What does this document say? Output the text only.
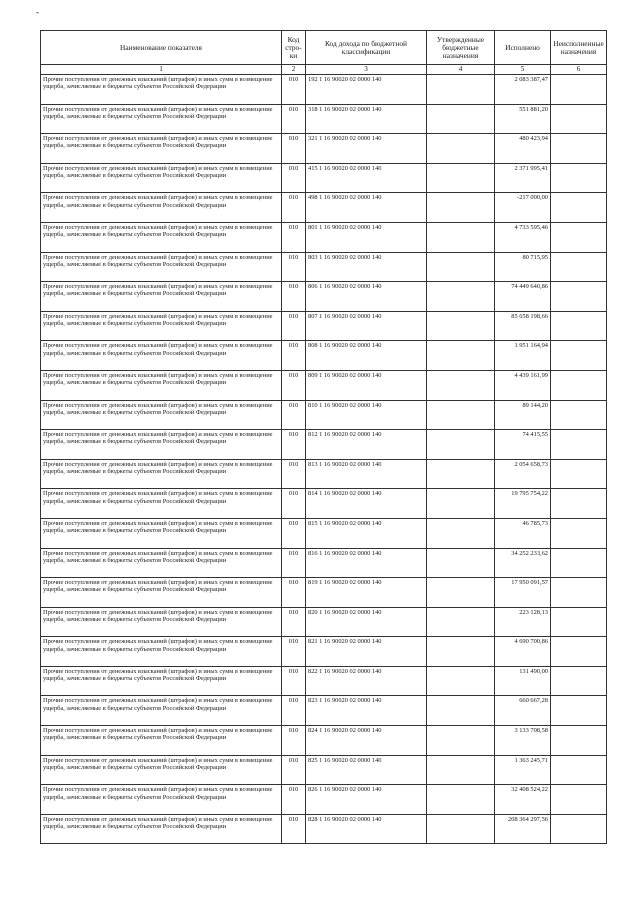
-
Наименование показателя	Код стро-ки	Код дохода по бюджетной классификации	Утвержденные бюджетные назначения	Исполнено	Неисполненные назначения
1	2	3	4	5	6
Прочие поступления от денежных взысканий (штрафов) и иных сумм в возмещение ущерба, зачисляемые в бюджеты субъектов Российской Федерации	010	192 1 16 90020 02 0000 140		2 083 387,47	
Прочие поступления от денежных взысканий (штрафов) и иных сумм в возмещение ущерба, зачисляемые в бюджеты субъектов Российской Федерации	010	318 1 16 90020 02 0000 140		551 881,20	
Прочие поступления от денежных взысканий (штрафов) и иных сумм в возмещение ущерба, зачисляемые в бюджеты субъектов Российской Федерации	010	321 1 16 90020 02 0000 140		480 423,94	
Прочие поступления от денежных взысканий (штрафов) и иных сумм в возмещение ущерба, зачисляемые в бюджеты субъектов Российской Федерации	010	415 1 16 90020 02 0000 140		2 371 995,41	
Прочие поступления от денежных взысканий (штрафов) и иных сумм в возмещение ущерба, зачисляемые в бюджеты субъектов Российской Федерации	010	498 1 16 90020 02 0000 140		-217 000,00	
Прочие поступления от денежных взысканий (штрафов) и иных сумм в возмещение ущерба, зачисляемые в бюджеты субъектов Российской Федерации	010	801 1 16 90020 02 0000 140		4 733 595,46	
Прочие поступления от денежных взысканий (штрафов) и иных сумм в возмещение ущерба, зачисляемые в бюджеты субъектов Российской Федерации	010	803 1 16 90020 02 0000 140		80 715,95	
Прочие поступления от денежных взысканий (штрафов) и иных сумм в возмещение ущерба, зачисляемые в бюджеты субъектов Российской Федерации	010	806 1 16 90020 02 0000 140		74 449 640,86	
Прочие поступления от денежных взысканий (штрафов) и иных сумм в возмещение ущерба, зачисляемые в бюджеты субъектов Российской Федерации	010	807 1 16 90020 02 0000 140		85 658 198,66	
Прочие поступления от денежных взысканий (штрафов) и иных сумм в возмещение ущерба, зачисляемые в бюджеты субъектов Российской Федерации	010	808 1 16 90020 02 0000 140		1 951 164,94	
Прочие поступления от денежных взысканий (штрафов) и иных сумм в возмещение ущерба, зачисляемые в бюджеты субъектов Российской Федерации	010	809 1 16 90020 02 0000 140		4 439 161,99	
Прочие поступления от денежных взысканий (штрафов) и иных сумм в возмещение ущерба, зачисляемые в бюджеты субъектов Российской Федерации	010	810 1 16 90020 02 0000 140		89 144,20	
Прочие поступления от денежных взысканий (штрафов) и иных сумм в возмещение ущерба, зачисляемые в бюджеты субъектов Российской Федерации	010	812 1 16 90020 02 0000 140		74 415,55	
Прочие поступления от денежных взысканий (штрафов) и иных сумм в возмещение ущерба, зачисляемые в бюджеты субъектов Российской Федерации	010	813 1 16 90020 02 0000 140		2 054 658,73	
Прочие поступления от денежных взысканий (штрафов) и иных сумм в возмещение ущерба, зачисляемые в бюджеты субъектов Российской Федерации	010	814 1 16 90020 02 0000 140		19 795 754,22	
Прочие поступления от денежных взысканий (штрафов) и иных сумм в возмещение ущерба, зачисляемые в бюджеты субъектов Российской Федерации	010	815 1 16 90020 02 0000 140		46 785,73	
Прочие поступления от денежных взысканий (штрафов) и иных сумм в возмещение ущерба, зачисляемые в бюджеты субъектов Российской Федерации	010	816 1 16 90020 02 0000 140		34 252 233,62	
Прочие поступления от денежных взысканий (штрафов) и иных сумм в возмещение ущерба, зачисляемые в бюджеты субъектов Российской Федерации	010	819 1 16 90020 02 0000 140		17 950 091,57	
Прочие поступления от денежных взысканий (штрафов) и иных сумм в возмещение ущерба, зачисляемые в бюджеты субъектов Российской Федерации	010	820 1 16 90020 02 0000 140		223 128,13	
Прочие поступления от денежных взысканий (штрафов) и иных сумм в возмещение ущерба, зачисляемые в бюджеты субъектов Российской Федерации	010	821 1 16 90020 02 0000 140		4 690 700,86	
Прочие поступления от денежных взысканий (штрафов) и иных сумм в возмещение ущерба, зачисляемые в бюджеты субъектов Российской Федерации	010	822 1 16 90020 02 0000 140		131 490,00	
Прочие поступления от денежных взысканий (штрафов) и иных сумм в возмещение ущерба, зачисляемые в бюджеты субъектов Российской Федерации	010	823 1 16 90020 02 0000 140		660 667,28	
Прочие поступления от денежных взысканий (штрафов) и иных сумм в возмещение ущерба, зачисляемые в бюджеты субъектов Российской Федерации	010	824 1 16 90020 02 0000 140		3 133 708,58	
Прочие поступления от денежных взысканий (штрафов) и иных сумм в возмещение ущерба, зачисляемые в бюджеты субъектов Российской Федерации	010	825 1 16 90020 02 0000 140		1 363 245,71	
Прочие поступления от денежных взысканий (штрафов) и иных сумм в возмещение ущерба, зачисляемые в бюджеты субъектов Российской Федерации	010	826 1 16 90020 02 0000 140		32 408 524,22	
Прочие поступления от денежных взысканий (штрафов) и иных сумм в возмещение ущерба, зачисляемые в бюджеты субъектов Российской Федерации	010	828 1 16 90020 02 0000 140		208 364 297,56	
